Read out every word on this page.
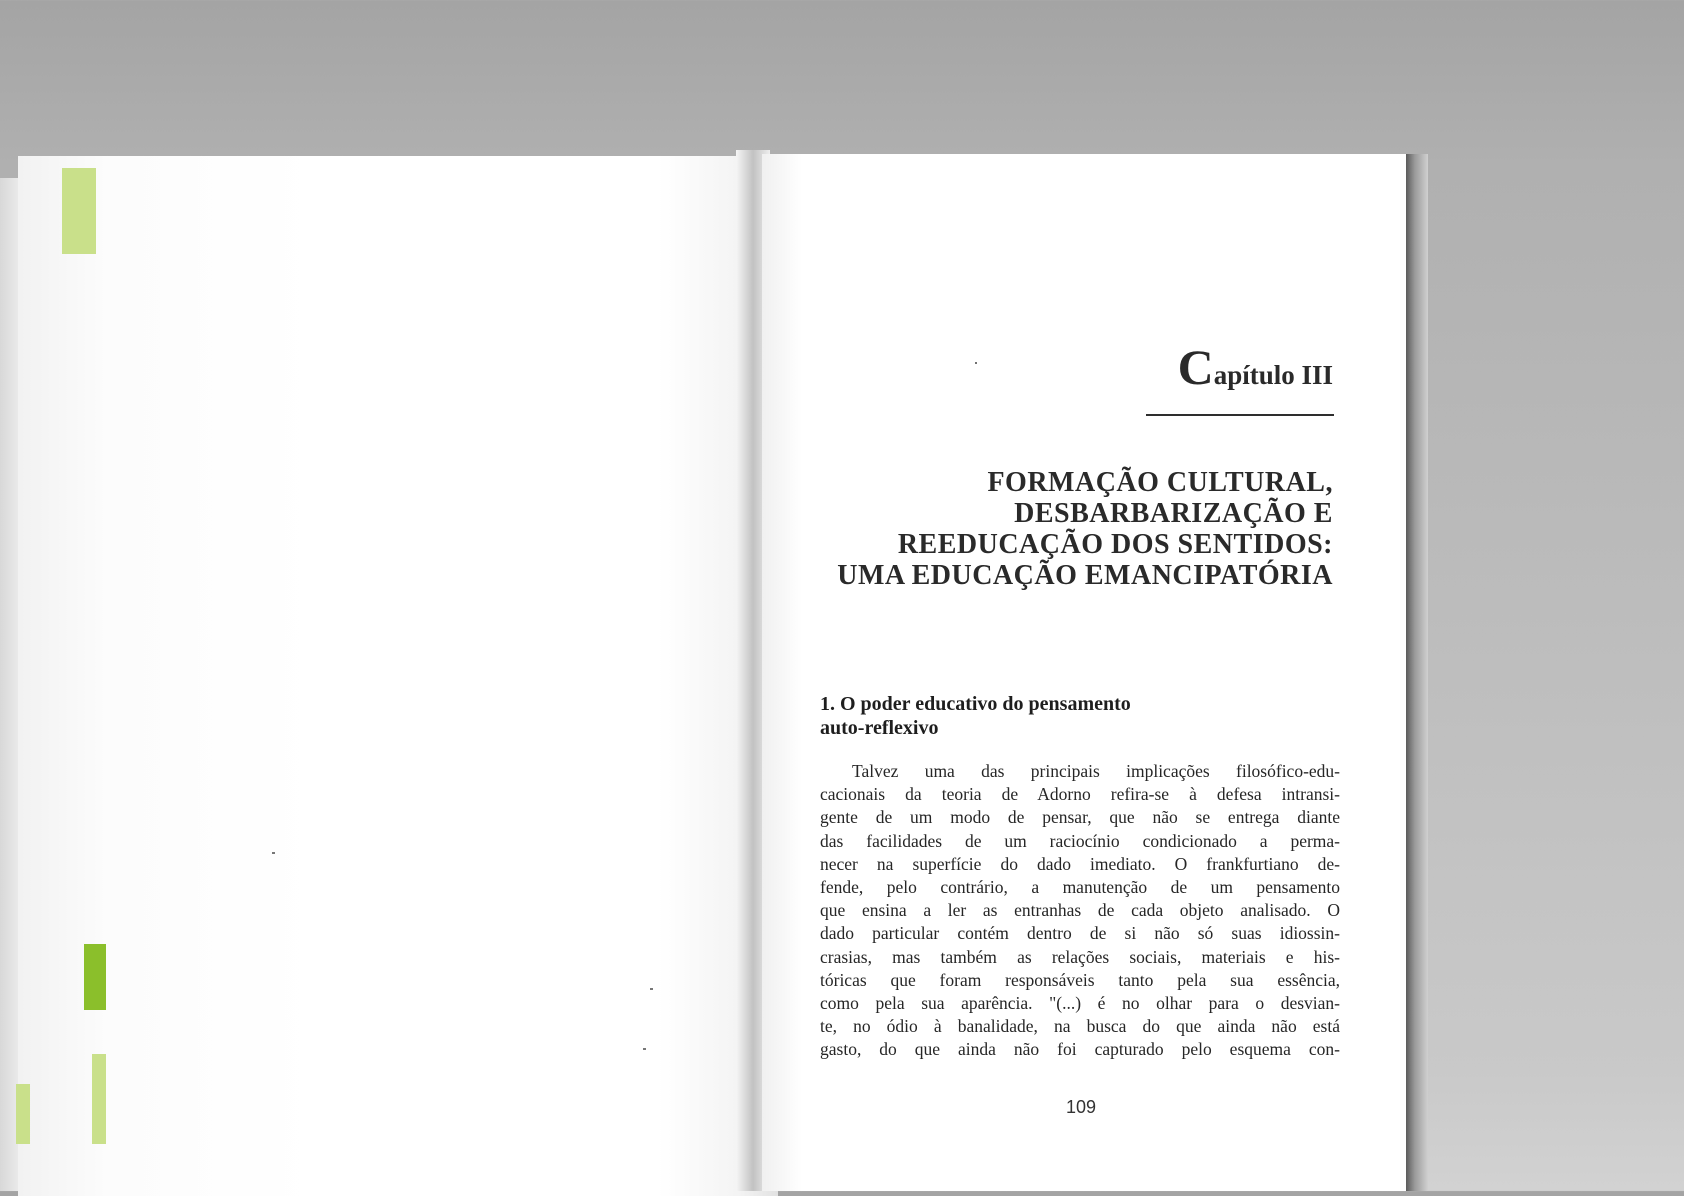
Capítulo III
FORMAÇÃO CULTURAL,
DESBARBARIZAÇÃO E
REEDUCAÇÃO DOS SENTIDOS:
UMA EDUCAÇÃO EMANCIPATÓRIA
1. O poder educativo do pensamento
auto-reflexivo
Talvez uma das principais implicações filosófico-edu-
cacionais da teoria de Adorno refira-se à defesa intransi-
gente de um modo de pensar, que não se entrega diante
das facilidades de um raciocínio condicionado a perma-
necer na superfície do dado imediato. O frankfurtiano de-
fende, pelo contrário, a manutenção de um pensamento
que ensina a ler as entranhas de cada objeto analisado. O
dado particular contém dentro de si não só suas idiossin-
crasias, mas também as relações sociais, materiais e his-
tóricas que foram responsáveis tanto pela sua essência,
como pela sua aparência. "(...) é no olhar para o desvian-
te, no ódio à banalidade, na busca do que ainda não está
gasto, do que ainda não foi capturado pelo esquema con-
109
